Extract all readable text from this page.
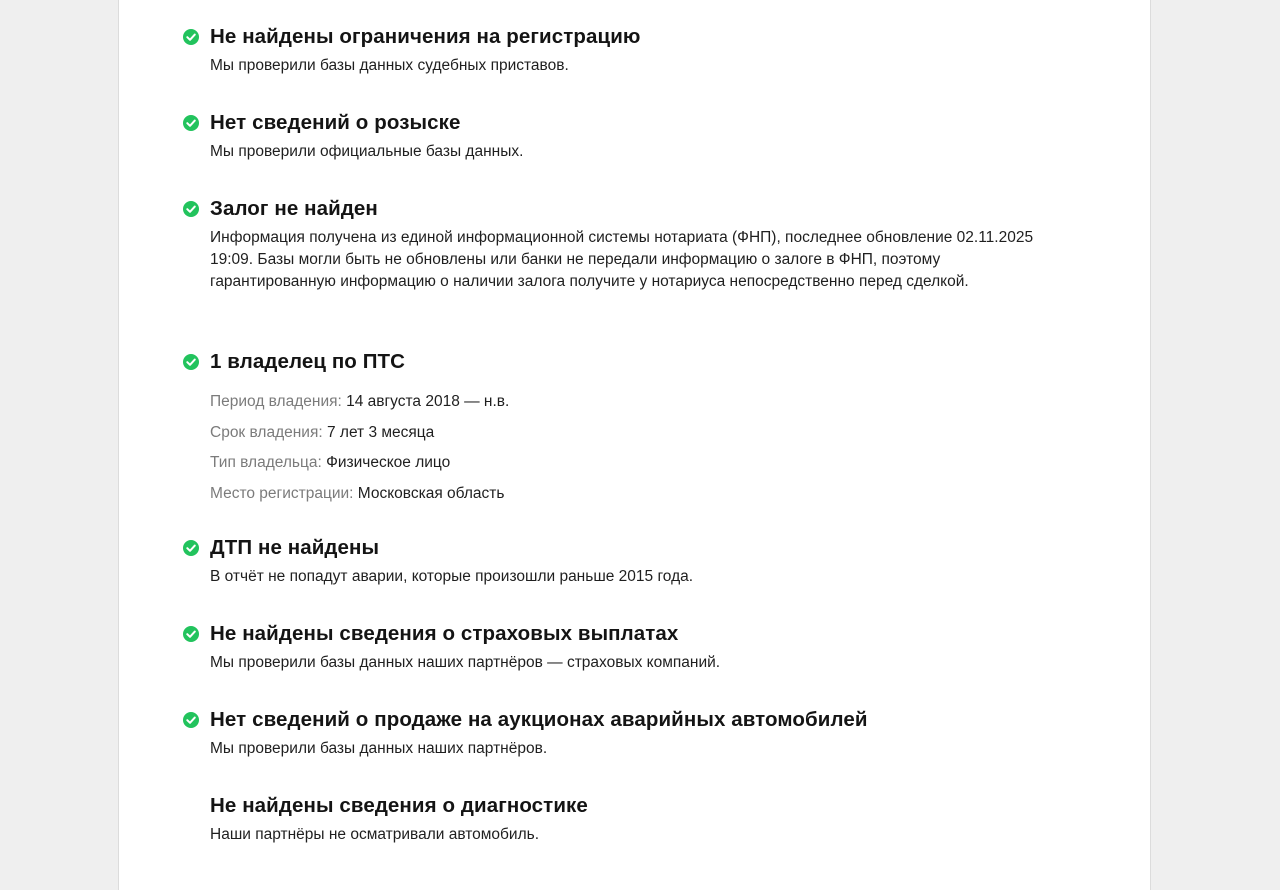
Не найдены ограничения на регистрацию
Мы проверили базы данных судебных приставов.
Нет сведений о розыске
Мы проверили официальные базы данных.
Залог не найден
Информация получена из единой информационной системы нотариата (ФНП), последнее обновление 02.11.2025 19:09. Базы могли быть не обновлены или банки не передали информацию о залоге в ФНП, поэтому гарантированную информацию о наличии залога получите у нотариуса непосредственно перед сделкой.
1 владелец по ПТС
Период владения: 14 августа 2018 — н.в.
Срок владения: 7 лет 3 месяца
Тип владельца: Физическое лицо
Место регистрации: Московская область
ДТП не найдены
В отчёт не попадут аварии, которые произошли раньше 2015 года.
Не найдены сведения о страховых выплатах
Мы проверили базы данных наших партнёров — страховых компаний.
Нет сведений о продаже на аукционах аварийных автомобилей
Мы проверили базы данных наших партнёров.
Не найдены сведения о диагностике
Наши партнёры не осматривали автомобиль.
